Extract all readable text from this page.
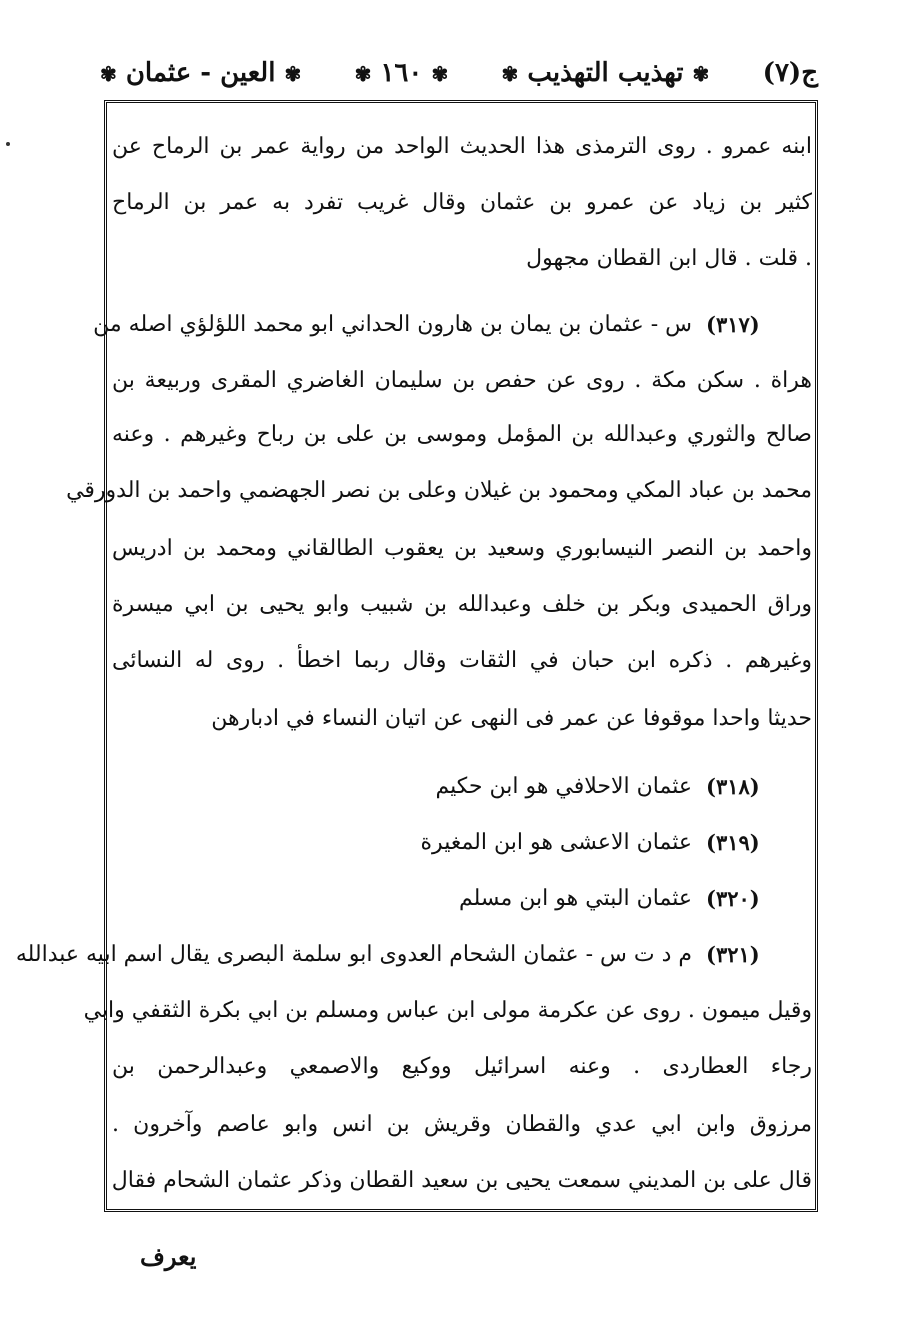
ج(٧)
✾ تهذيب التهذيب ✾
✾ ١٦٠ ✾
✾ العين - عثمان ✾
ابنه عمرو . روى الترمذى هذا الحديث الواحد من رواية عمر بن الرماح عن
كثير بن زياد عن عمرو بن عثمان وقال غريب تفرد به عمر بن الرماح
. قلت . قال ابن القطان مجهول
(٣١٧)
س - عثمان بن يمان بن هارون الحداني ابو محمد اللؤلؤي اصله من
هراة . سكن مكة . روى عن حفص بن سليمان الغاضري المقرى وربيعة بن
صالح والثوري وعبدالله بن المؤمل وموسى بن على بن رباح وغيرهم . وعنه
محمد بن عباد المكي ومحمود بن غيلان وعلى بن نصر الجهضمي واحمد بن الدورقي
واحمد بن النصر النيسابوري وسعيد بن يعقوب الطالقاني ومحمد بن ادريس
وراق الحميدى وبكر بن خلف وعبدالله بن شبيب وابو يحيى بن ابي ميسرة
وغيرهم . ذكره ابن حبان في الثقات وقال ربما اخطأ . روى له النسائى
حديثا واحدا موقوفا عن عمر فى النهى عن اتيان النساء في ادبارهن
(٣١٨)
عثمان الاحلافي هو ابن حكيم
(٣١٩)
عثمان الاعشى هو ابن المغيرة
(٣٢٠)
عثمان البتي هو ابن مسلم
(٣٢١)
م د ت س - عثمان الشحام العدوى ابو سلمة البصرى يقال اسم ابيه عبدالله
وقيل ميمون . روى عن عكرمة مولى ابن عباس ومسلم بن ابي بكرة الثقفي وابي
رجاء العطاردى . وعنه اسرائيل ووكيع والاصمعي وعبدالرحمن بن
مرزوق وابن ابي عدي والقطان وقريش بن انس وابو عاصم وآخرون .
قال على بن المديني سمعت يحيى بن سعيد القطان وذكر عثمان الشحام فقال
يعرف
